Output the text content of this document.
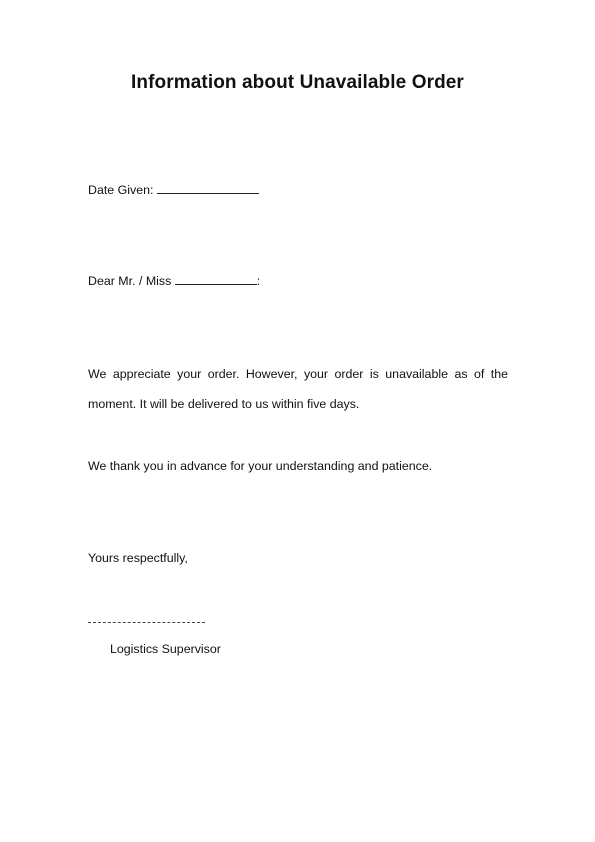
Information about Unavailable Order
Date Given:
Dear Mr. / Miss	:
We appreciate your order. However, your order is unavailable as of the moment. It will be delivered to us within five days.
We thank you in advance for your understanding and patience.
Yours respectfully,
Logistics Supervisor
